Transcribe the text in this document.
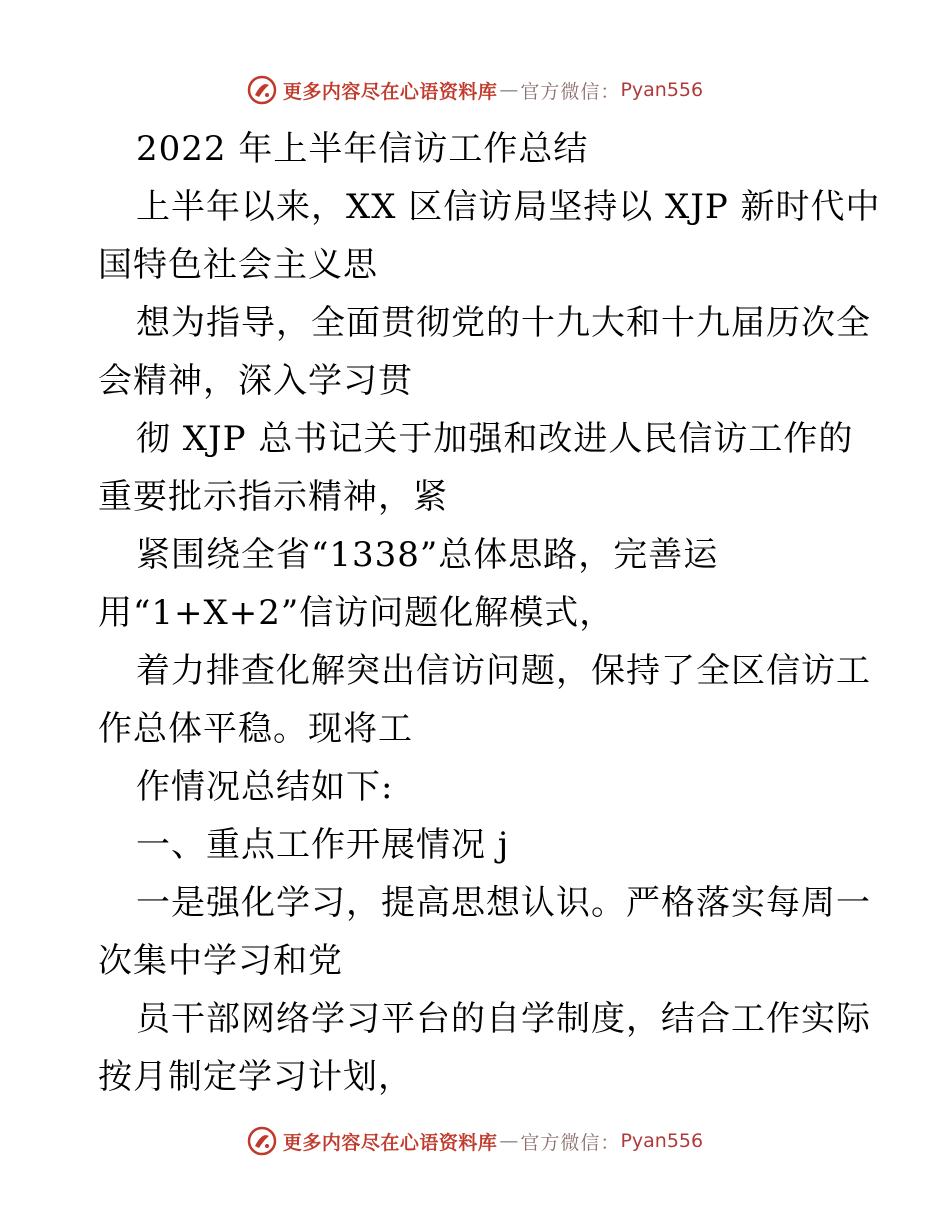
更多内容尽在心语资料库 — 官方微信： Pyan556
2022 年上半年信访工作总结
上半年以来，XX 区信访局坚持以 XJP 新时代中
国特色社会主义思
想为指导，全面贯彻党的十九大和十九届历次全
会精神，深入学习贯
彻 XJP 总书记关于加强和改进人民信访工作的
重要批示指示精神，紧
紧围绕全省“1338”总体思路，完善运
用“1+X+2”信访问题化解模式，
着力排查化解突出信访问题，保持了全区信访工
作总体平稳。现将工
作情况总结如下:
一、重点工作开展情况 j
一是强化学习，提高思想认识。严格落实每周一
次集中学习和党
员干部网络学习平台的自学制度，结合工作实际
按月制定学习计划，
更多内容尽在心语资料库 — 官方微信： Pyan556
